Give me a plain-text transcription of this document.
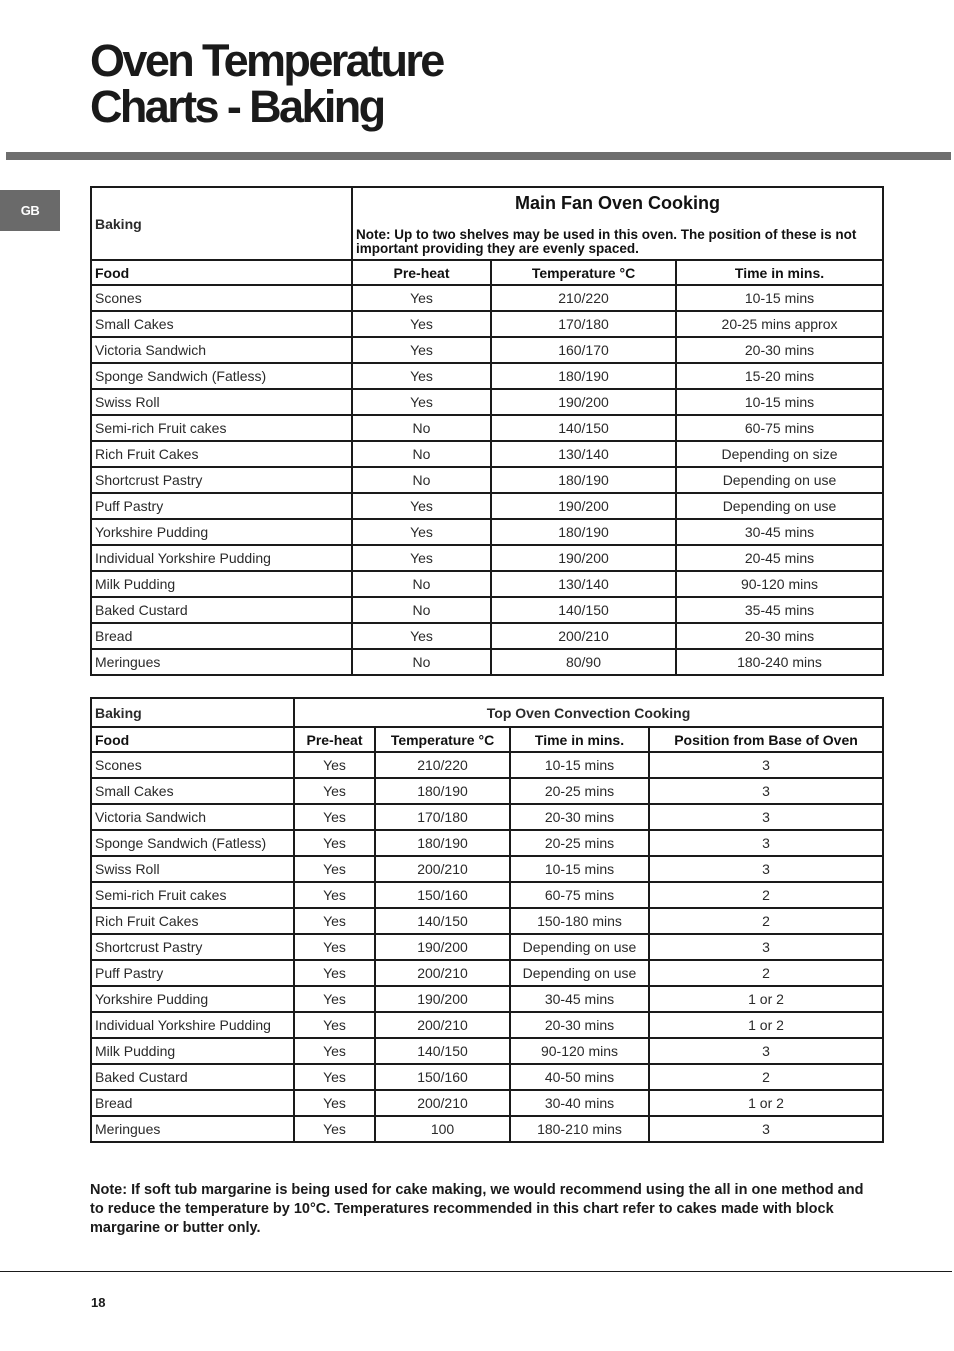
Oven Temperature
Charts - Baking
GB
Baking	Main Fan Oven Cooking
Note: Up to two shelves may be used in this oven. The position of these is not important providing they are evenly spaced.		

Food	Pre-heat	Temperature °C	Time in mins.
Scones	Yes	210/220	10-15 mins
Small Cakes	Yes	170/180	20-25 mins approx
Victoria Sandwich	Yes	160/170	20-30 mins
Sponge Sandwich (Fatless)	Yes	180/190	15-20 mins
Swiss Roll	Yes	190/200	10-15 mins
Semi-rich Fruit cakes	No	140/150	60-75 mins
Rich Fruit Cakes	No	130/140	Depending on size
Shortcrust Pastry	No	180/190	Depending on use
Puff Pastry	Yes	190/200	Depending on use
Yorkshire Pudding	Yes	180/190	30-45 mins
Individual Yorkshire Pudding	Yes	190/200	20-45 mins
Milk Pudding	No	130/140	90-120 mins
Baked Custard	No	140/150	35-45 mins
Bread	Yes	200/210	20-30 mins
Meringues	No	80/90	180-240 mins
Baking	Top Oven Convection Cooking			
Food	Pre-heat	Temperature °C	Time in mins.	Position from Base of Oven
Scones	Yes	210/220	10-15 mins	3
Small Cakes	Yes	180/190	20-25 mins	3
Victoria Sandwich	Yes	170/180	20-30 mins	3
Sponge Sandwich (Fatless)	Yes	180/190	20-25 mins	3
Swiss Roll	Yes	200/210	10-15 mins	3
Semi-rich Fruit cakes	Yes	150/160	60-75 mins	2
Rich Fruit Cakes	Yes	140/150	150-180 mins	2
Shortcrust Pastry	Yes	190/200	Depending on use	3
Puff Pastry	Yes	200/210	Depending on use	2
Yorkshire Pudding	Yes	190/200	30-45 mins	1 or 2
Individual Yorkshire Pudding	Yes	200/210	20-30 mins	1 or 2
Milk Pudding	Yes	140/150	90-120 mins	3
Baked Custard	Yes	150/160	40-50 mins	2
Bread	Yes	200/210	30-40 mins	1 or 2
Meringues	Yes	100	180-210 mins	3

Note: If soft tub margarine is being used for cake making, we would recommend using the all in one method and to reduce the temperature by 10°C. Temperatures recommended in this chart refer to cakes made with block margarine or butter only.

18
